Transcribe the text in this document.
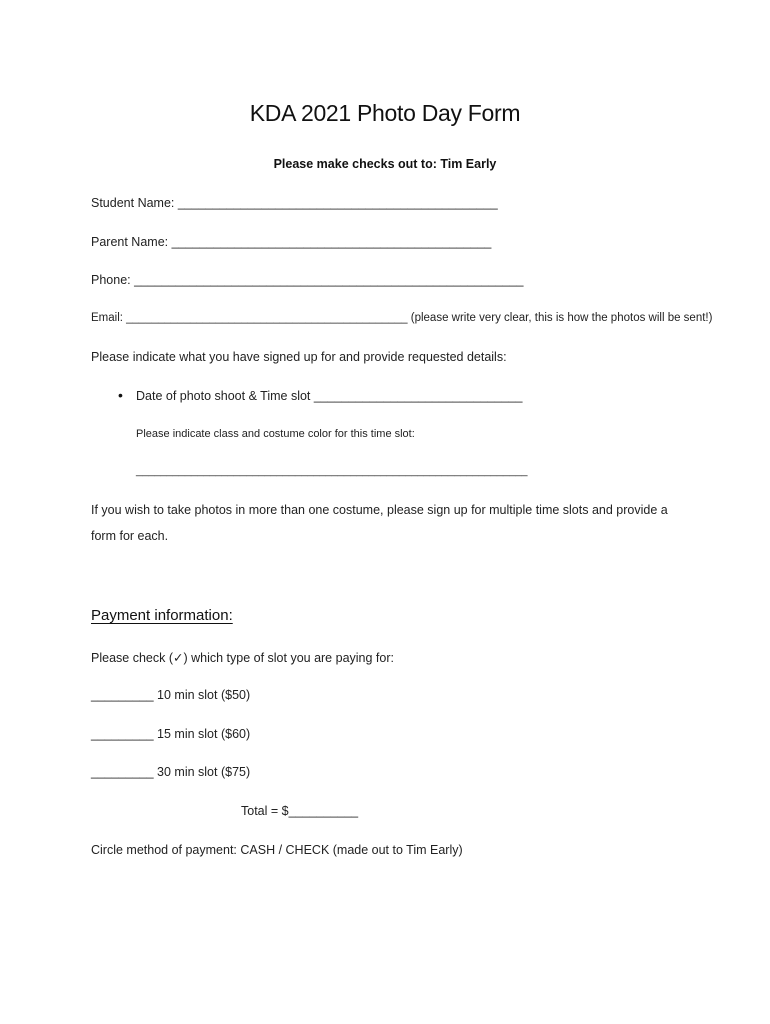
KDA 2021 Photo Day Form
Please make checks out to: Tim Early
Student Name: ______________________________________________
Parent Name: ______________________________________________
Phone: ________________________________________________________
Email: ____________________________________________ (please write very clear, this is how the photos will be sent!)
Please indicate what you have signed up for and provide requested details:
• Date of photo shoot & Time slot ______________________________
Please indicate class and costume color for this time slot:
________________________________________________________________
If you wish to take photos in more than one costume, please sign up for multiple time slots and provide a
form for each.
Payment information:
Please check (✓) which type of slot you are paying for:
_________ 10 min slot ($50)
_________ 15 min slot ($60)
_________ 30 min slot ($75)
Total = $__________
Circle method of payment: CASH / CHECK (made out to Tim Early)
